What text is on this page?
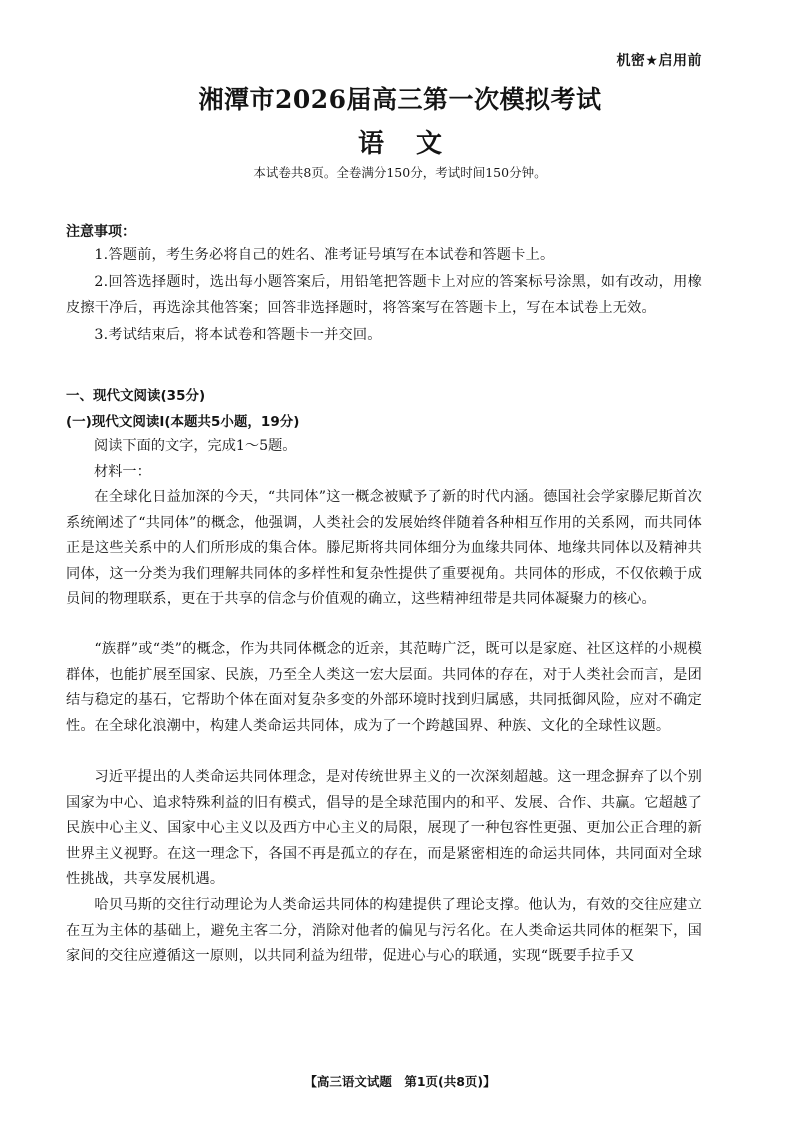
机密★启用前
湘潭市2026届高三第一次模拟考试
语文
本试卷共8页。全卷满分150分，考试时间150分钟。
注意事项：
1.答题前，考生务必将自己的姓名、准考证号填写在本试卷和答题卡上。
2.回答选择题时，选出每小题答案后，用铅笔把答题卡上对应的答案标号涂黑，如有改动，用橡皮擦干净后，再选涂其他答案；回答非选择题时，将答案写在答题卡上，写在本试卷上无效。
3.考试结束后，将本试卷和答题卡一并交回。
一、现代文阅读(35分)
(一)现代文阅读Ⅰ(本题共5小题，19分)
阅读下面的文字，完成1～5题。
材料一：
在全球化日益加深的今天，“共同体”这一概念被赋予了新的时代内涵。德国社会学家滕尼斯首次系统阐述了“共同体”的概念，他强调，人类社会的发展始终伴随着各种相互作用的关系网，而共同体正是这些关系中的人们所形成的集合体。滕尼斯将共同体细分为血缘共同体、地缘共同体以及精神共同体，这一分类为我们理解共同体的多样性和复杂性提供了重要视角。共同体的形成，不仅依赖于成员间的物理联系，更在于共享的信念与价值观的确立，这些精神纽带是共同体凝聚力的核心。
“族群”或“类”的概念，作为共同体概念的近亲，其范畴广泛，既可以是家庭、社区这样的小规模群体，也能扩展至国家、民族，乃至全人类这一宏大层面。共同体的存在，对于人类社会而言，是团结与稳定的基石，它帮助个体在面对复杂多变的外部环境时找到归属感，共同抵御风险，应对不确定性。在全球化浪潮中，构建人类命运共同体，成为了一个跨越国界、种族、文化的全球性议题。
习近平提出的人类命运共同体理念，是对传统世界主义的一次深刻超越。这一理念摒弃了以个别国家为中心、追求特殊利益的旧有模式，倡导的是全球范围内的和平、发展、合作、共赢。它超越了民族中心主义、国家中心主义以及西方中心主义的局限，展现了一种包容性更强、更加公正合理的新世界主义视野。在这一理念下，各国不再是孤立的存在，而是紧密相连的命运共同体，共同面对全球性挑战，共享发展机遇。
哈贝马斯的交往行动理论为人类命运共同体的构建提供了理论支撑。他认为，有效的交往应建立在互为主体的基础上，避免主客二分，消除对他者的偏见与污名化。在人类命运共同体的框架下，国家间的交往应遵循这一原则，以共同利益为纽带，促进心与心的联通，实现“既要手拉手又
【高三语文试题　第1页(共8页)】
